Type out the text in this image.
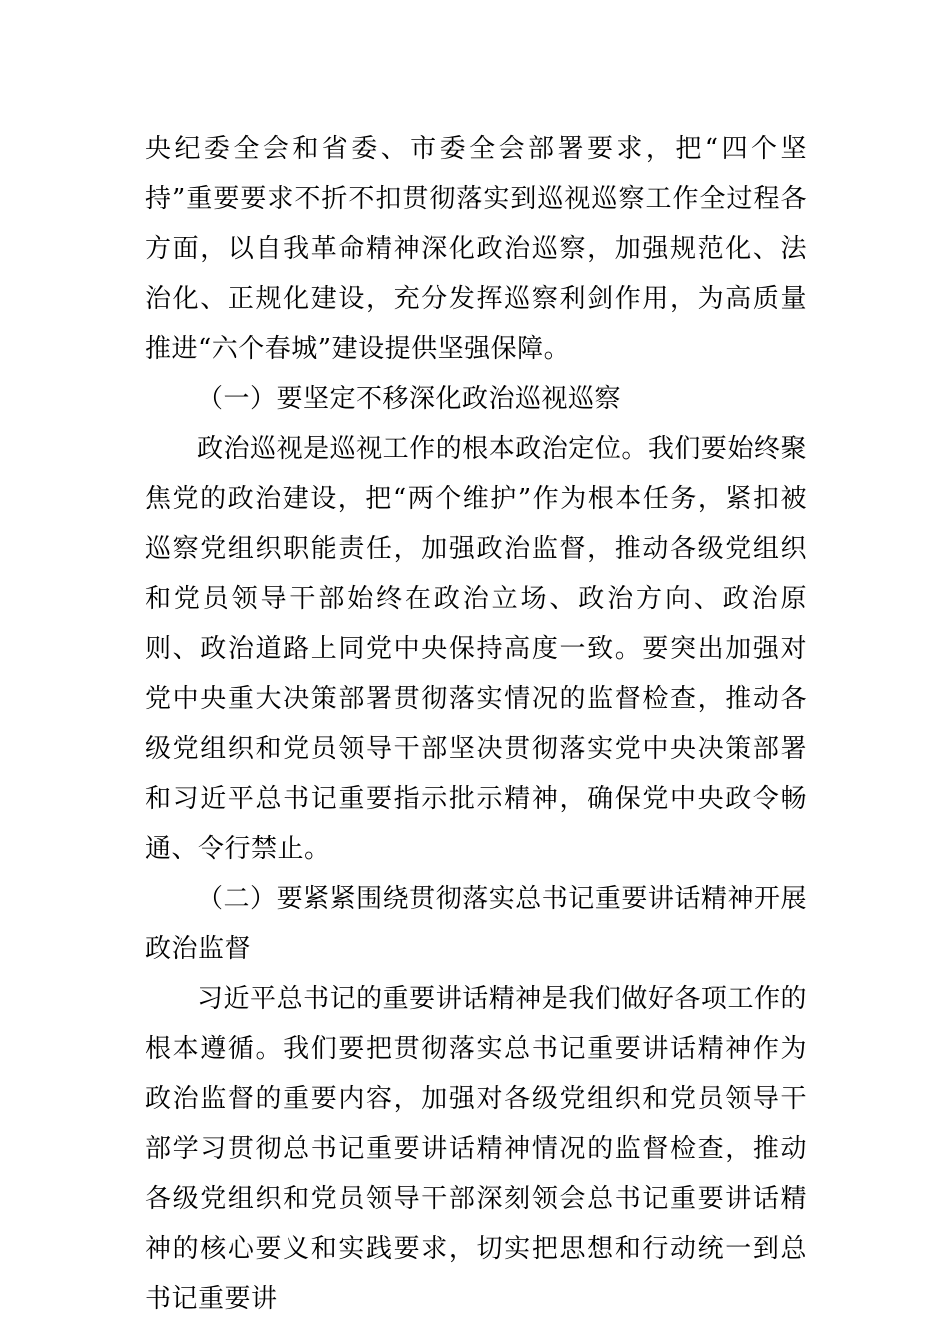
央纪委全会和省委、市委全会部署要求，把“四个坚持”重要要求不折不扣贯彻落实到巡视巡察工作全过程各方面，以自我革命精神深化政治巡察，加强规范化、法治化、正规化建设，充分发挥巡察利剑作用，为高质量推进“六个春城”建设提供坚强保障。

（一）要坚定不移深化政治巡视巡察

政治巡视是巡视工作的根本政治定位。我们要始终聚焦党的政治建设，把“两个维护”作为根本任务，紧扣被巡察党组织职能责任，加强政治监督，推动各级党组织和党员领导干部始终在政治立场、政治方向、政治原则、政治道路上同党中央保持高度一致。要突出加强对党中央重大决策部署贯彻落实情况的监督检查，推动各级党组织和党员领导干部坚决贯彻落实党中央决策部署和习近平总书记重要指示批示精神，确保党中央政令畅通、令行禁止。

（二）要紧紧围绕贯彻落实总书记重要讲话精神开展政治监督

习近平总书记的重要讲话精神是我们做好各项工作的根本遵循。我们要把贯彻落实总书记重要讲话精神作为政治监督的重要内容，加强对各级党组织和党员领导干部学习贯彻总书记重要讲话精神情况的监督检查，推动各级党组织和党员领导干部深刻领会总书记重要讲话精神的核心要义和实践要求，切实把思想和行动统一到总书记重要讲
